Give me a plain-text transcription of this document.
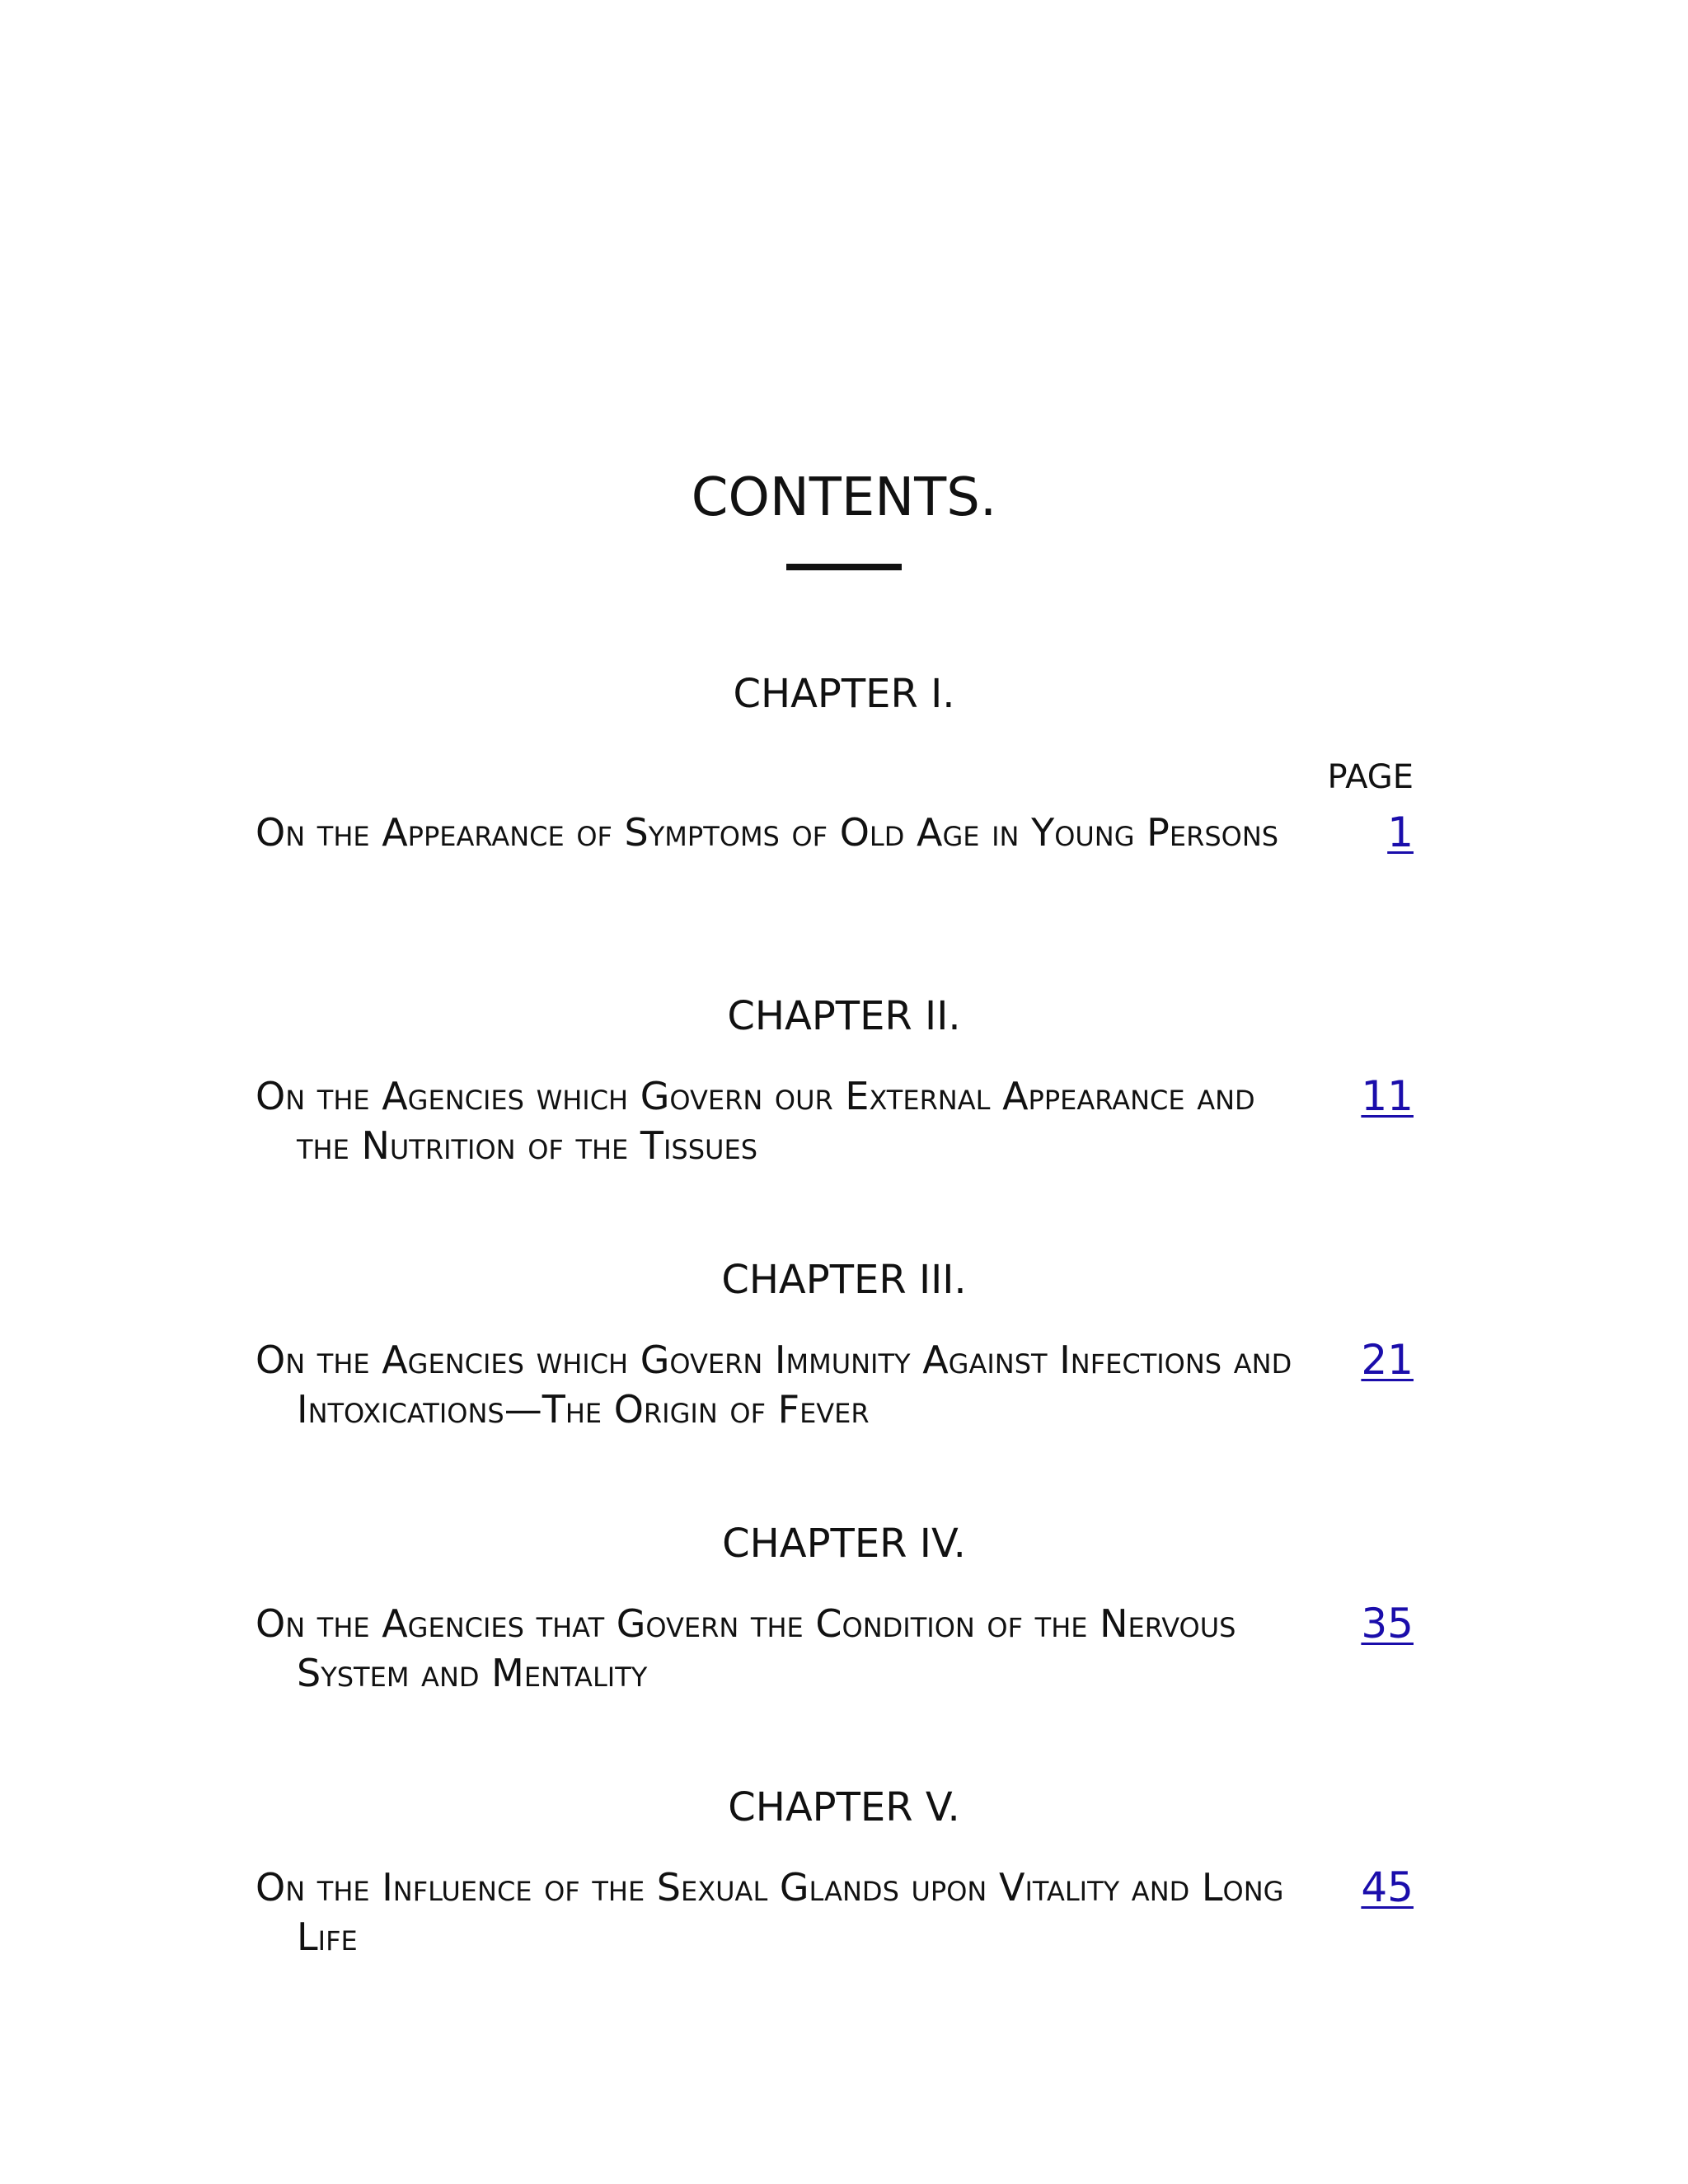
CONTENTS.
CHAPTER I.
PAGE

On the Appearance of Symptoms of Old Age in Young Persons	1
CHAPTER II.

On the Agencies which Govern our External Appearance and the Nutrition of the Tissues

11
CHAPTER III.

On the Agencies which Govern Immunity Against Infections and Intoxications—The Origin of Fever

21
CHAPTER IV.

On the Agencies that Govern the Condition of the Nervous System and Mentality

35
CHAPTER V.

On the Influence of the Sexual Glands upon Vitality and Long Life

45
